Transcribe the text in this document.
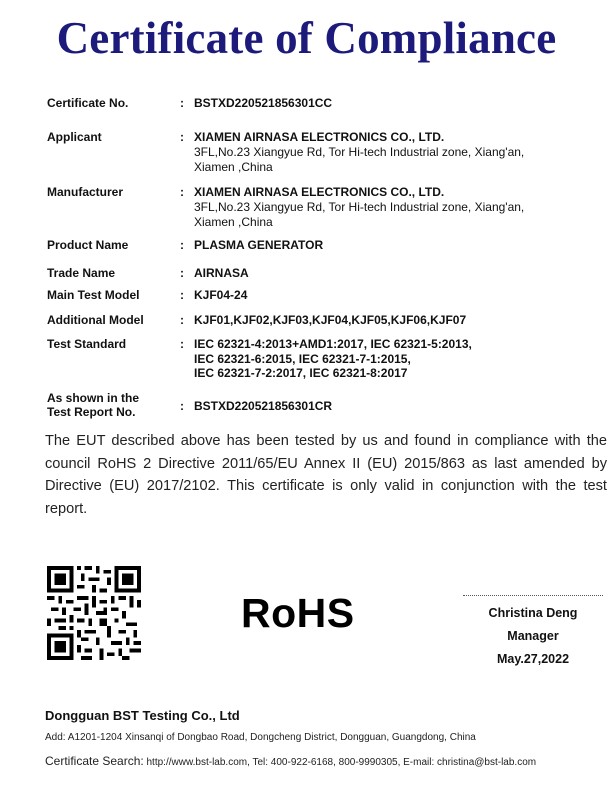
Certificate of Compliance
Certificate No.	: BSTXD220521856301CC
Applicant	: XIAMEN AIRNASA ELECTRONICS CO., LTD.
3FL,No.23 Xiangyue Rd, Tor Hi-tech Industrial zone, Xiang'an,
Xiamen ,China
Manufacturer	: XIAMEN AIRNASA ELECTRONICS CO., LTD.
3FL,No.23 Xiangyue Rd, Tor Hi-tech Industrial zone, Xiang'an,
Xiamen ,China
Product Name	: PLASMA GENERATOR
Trade Name	: AIRNASA
Main Test Model	: KJF04-24
Additional Model	: KJF01,KJF02,KJF03,KJF04,KJF05,KJF06,KJF07
Test Standard	: IEC 62321-4:2013+AMD1:2017, IEC 62321-5:2013,
IEC 62321-6:2015, IEC 62321-7-1:2015,
IEC 62321-7-2:2017, IEC 62321-8:2017
As shown in the
Test Report No.	: BSTXD220521856301CR
The EUT described above has been tested by us and found in compliance with the council RoHS 2 Directive 2011/65/EU Annex II (EU) 2015/863 as last amended by Directive (EU) 2017/2102. This certificate is only valid in conjunction with the test report.
RoHS	Christina Deng
Manager
May.27,2022
Dongguan BST Testing Co., Ltd
Add: A1201-1204 Xinsanqi of Dongbao Road, Dongcheng District, Dongguan, Guangdong, China
Certificate Search: http://www.bst-lab.com, Tel: 400-922-6168, 800-9990305, E-mail: christina@bst-lab.com
